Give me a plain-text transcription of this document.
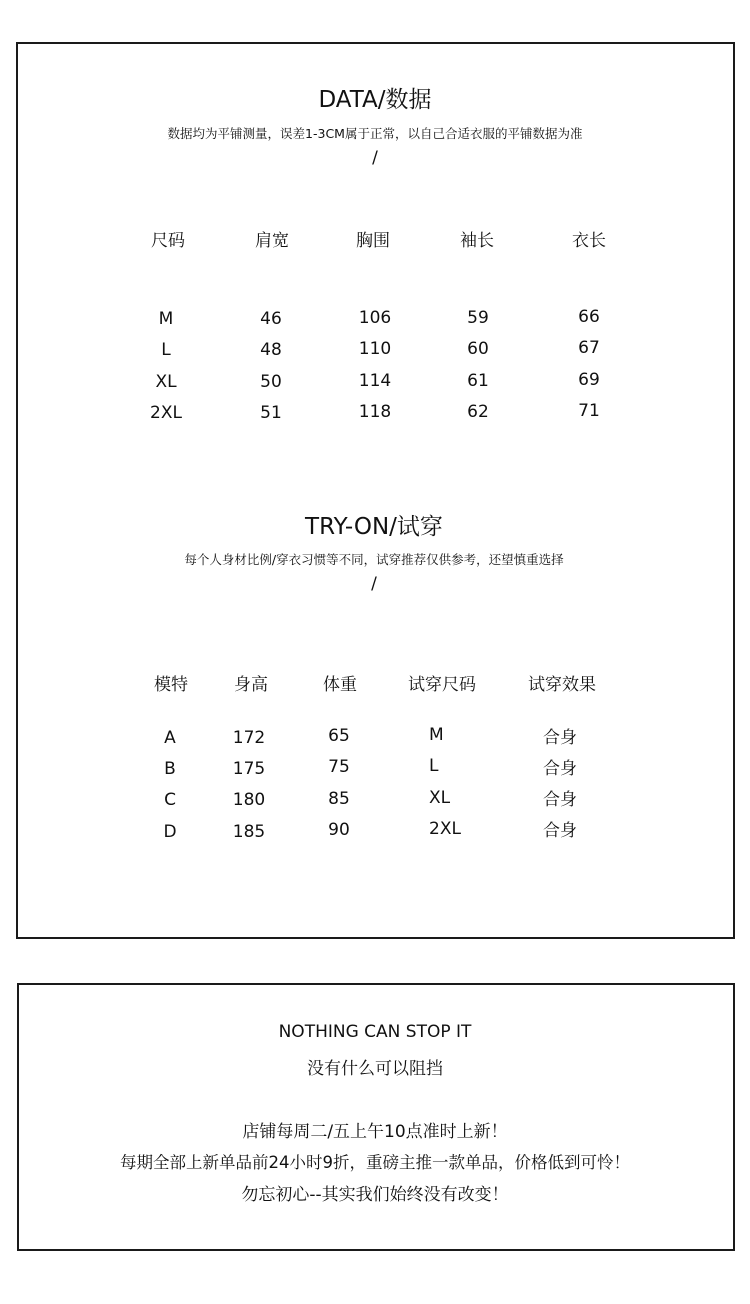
DATA/数据
数据均为平铺测量，误差1-3CM属于正常，以自己合适衣服的平铺数据为准
/
尺码	肩宽	胸围	袖长	衣长
M	46	106	59	66
L	48	110	60	67
XL	50	114	61	69
2XL	51	118	62	71
TRY-ON/试穿
每个人身材比例/穿衣习惯等不同，试穿推荐仅供参考，还望慎重选择
/
模特	身高	体重	试穿尺码	试穿效果
A	172	65	M	合身
B	175	75	L	合身
C	180	85	XL	合身
D	185	90	2XL	合身
NOTHING CAN STOP IT
没有什么可以阻挡
店铺每周二/五上午10点准时上新！
每期全部上新单品前24小时9折，重磅主推一款单品，价格低到可怜！
勿忘初心--其实我们始终没有改变！
